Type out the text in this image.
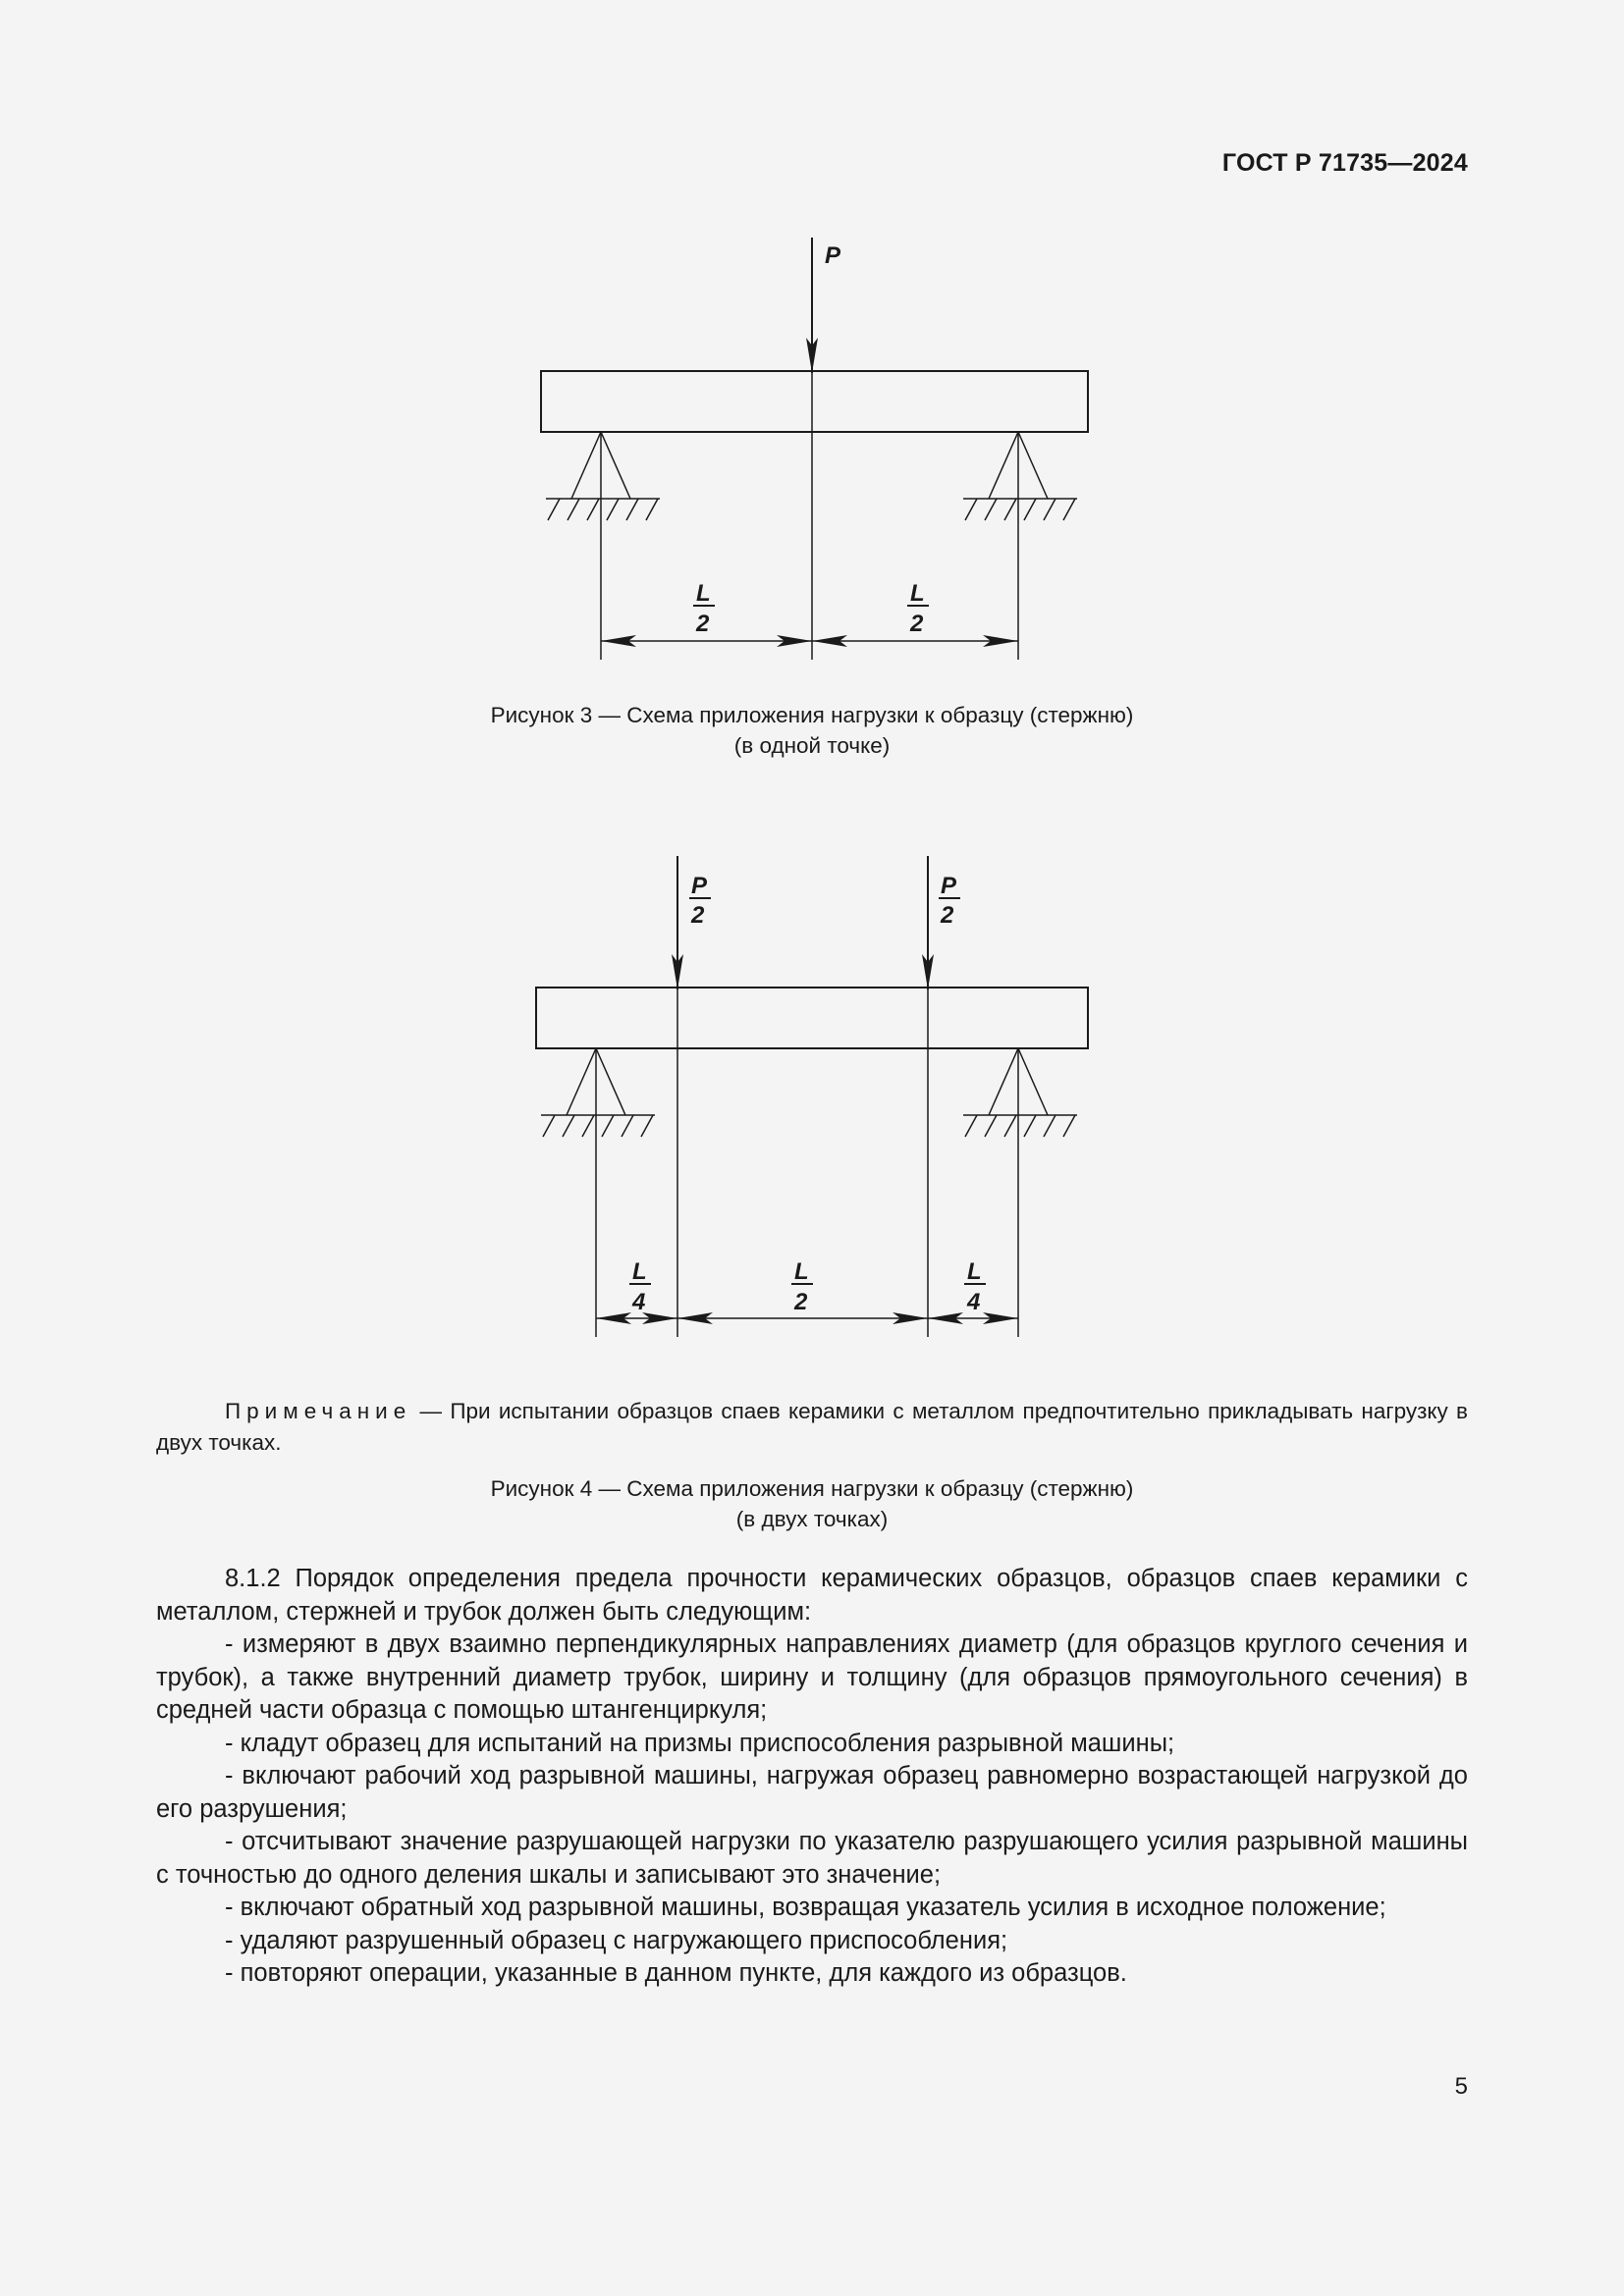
ГОСТ Р 71735—2024
P
L
2
L
2
Рисунок 3 — Схема приложения нагрузки к образцу (стержню)
(в одной точке)
P
2
P
2
L
4
L
2
L
4
Примечание — При испытании образцов спаев керамики с металлом предпочтительно прикладывать нагрузку в двух точках.
Рисунок 4 — Схема приложения нагрузки к образцу (стержню)
(в двух точках)

8.1.2 Порядок определения предела прочности керамических образцов, образцов спаев керамики с металлом, стержней и трубок должен быть следующим:

- измеряют в двух взаимно перпендикулярных направлениях диаметр (для образцов круглого сечения и трубок), а также внутренний диаметр трубок, ширину и толщину (для образцов прямоугольного сечения) в средней части образца с помощью штангенциркуля;

- кладут образец для испытаний на призмы приспособления разрывной машины;

- включают рабочий ход разрывной машины, нагружая образец равномерно возрастающей нагрузкой до его разрушения;

- отсчитывают значение разрушающей нагрузки по указателю разрушающего усилия разрывной машины с точностью до одного деления шкалы и записывают это значение;

- включают обратный ход разрывной машины, возвращая указатель усилия в исходное положение;

- удаляют разрушенный образец с нагружающего приспособления;

- повторяют операции, указанные в данном пункте, для каждого из образцов.

5
